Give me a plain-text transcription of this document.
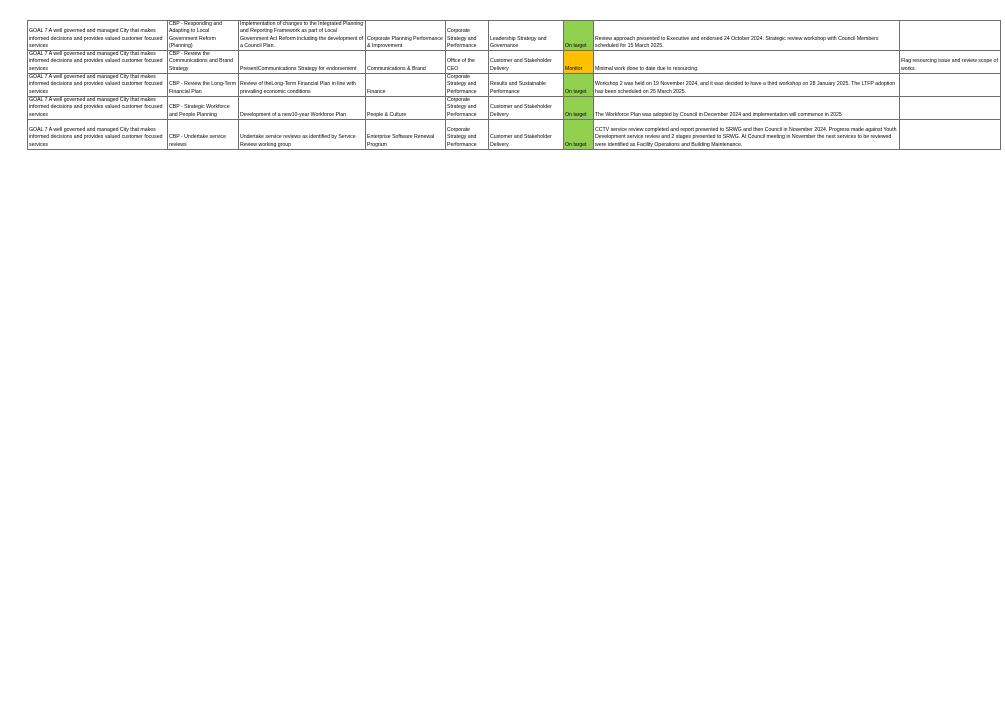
GOAL 7 A well governed and managed City that makes informed decisions and provides valued customer focused services	CBP - Responding and Adapting to Local Government Reform (Planning)	Implementation of changes to the Integrated Planning and Reporting Framework as part of Local Government Act Reform including the development of a Council Plan.	Corporate Planning Performance & Improvement	Corporate Strategy and Performance	Leadership Strategy and Governance	On target	Review approach presented to Executive and endorsed 24 October 2024. Strategic review workshop with Council Members scheduled for 15 March 2025.	
GOAL 7 A well governed and managed City that makes informed decisions and provides valued customer focused services	CBP - Review the Communications and Brand Strategy	PresentCommunications Strategy for endorsement	Communications & Brand	Office of the CEO	Customer and Stakeholder Delivery	Monitor	Minimal work done to date due to resourcing.	Flag resourcing issue and review scope of works.
GOAL 7 A well governed and managed City that makes informed decisions and provides valued customer focused services	CBP - Review the Long-Term Financial Plan	Review of theLong-Term Financial Plan in line with prevailing economic conditions	Finance	Corporate Strategy and Performance	Results and Sustainable Performance	On target	Workshop 2 was held on 19 November 2024, and it was decided to have a third workshop on 28 January 2025. The LTFP adoption has been scheduled on 25 March 2025.	
GOAL 7 A well governed and managed City that makes informed decisions and provides valued customer focused services	CBP - Strategic Workforce and People Planning	Development of a new10-year Workforce Plan	People & Culture	Corporate Strategy and Performance	Customer and Stakeholder Delivery	On target	The Workforce Plan was adopted by Council in December 2024 and implementation will commence in 2025	
GOAL 7 A well governed and managed City that makes informed decisions and provides valued customer focused services	CBP - Undertake service reviews	Undertake service reviews as identified by Service Review working group	Enterprise Software Renewal Program	Corporate Strategy and Performance	Customer and Stakeholder Delivery	On target	CCTV service review completed and report presented to SRWG and then Council in November 2024. Progress made against Youth Development service review and 2 stages presented to SRWG. At Council meeting in November the next services to be reviewed were identified as Facility Operations and Building Maintenance.	
